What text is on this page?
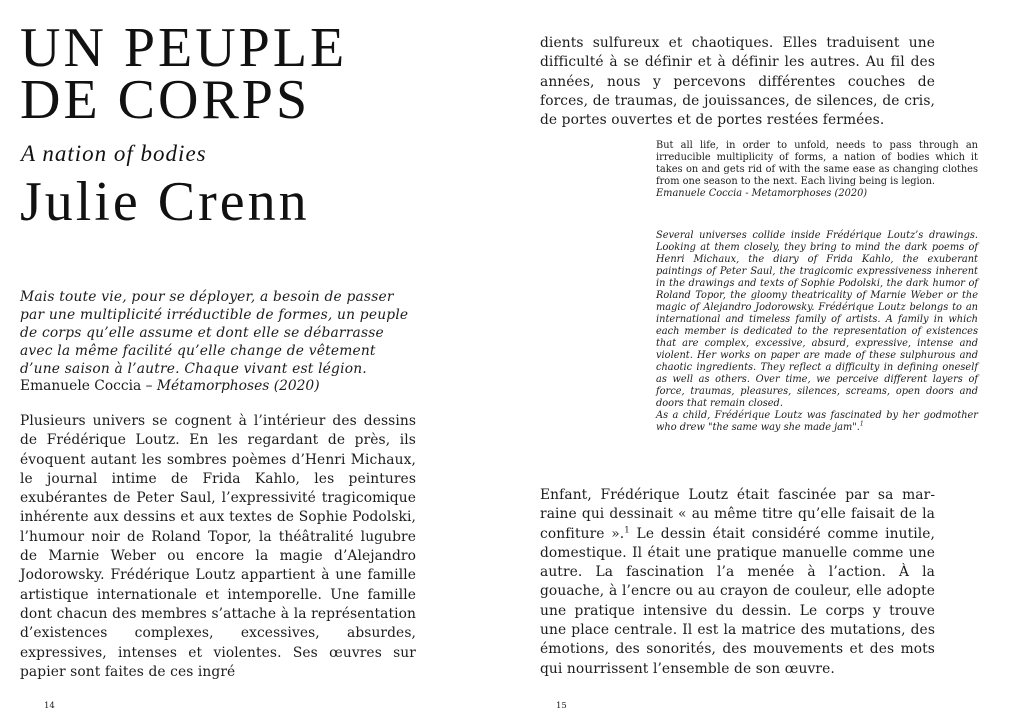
UN PEUPLE
DE CORPS

A nation of bodies

Julie Crenn

Mais toute vie, pour se déployer, a besoin de passer par une multiplicité irréductible de formes, un peuple de corps qu’elle assume et dont elle se débarrasse avec la même facilité qu’elle change de vêtement d’une saison à l’autre. Chaque vivant est légion.

Emanuele Coccia – Métamorphoses (2020)

Plusieurs univers se cognent à l’intérieur des dessins de Frédérique Loutz. En les regardant de près, ils évoquent autant les sombres poèmes d’Henri Michaux, le journal intime de Frida Kahlo, les peintures exubérantes de Peter Saul, l’expressivité tragicomique inhérente aux dessins et aux textes de Sophie Podolski, l’humour noir de Roland Topor, la théâtralité lugubre de Marnie Weber ou encore la magie d’Alejandro Jodorowsky. Frédérique Loutz appartient à une famille artistique internationale et intemporelle. Une famille dont chacun des membres s’attache à la représentation d’existences complexes, excessives, absurdes, expressives, intenses et violentes. Ses œuvres sur papier sont faites de ces ingré

14

dients sulfureux et chaotiques. Elles traduisent une difficulté à se définir et à définir les autres. Au fil des années, nous y percevons différentes couches de forces, de traumas, de jouissances, de silences, de cris, de portes ouvertes et de portes restées fermées.

But all life, in order to unfold, needs to pass through an irreducible multiplicity of forms, a nation of bodies which it takes on and gets rid of with the same ease as changing clothes from one season to the next. Each living being is legion.

Emanuele Coccia - Metamorphoses (2020)

Several universes collide inside Frédérique Loutz’s drawings. Looking at them closely, they bring to mind the dark poems of Henri Michaux, the diary of Frida Kahlo, the exuberant paintings of Peter Saul, the tragicomic expressiveness inherent in the drawings and texts of Sophie Podolski, the dark humor of Roland Topor, the gloomy theatricality of Marnie Weber or the magic of Alejandro Jodorowsky. Frédérique Loutz belongs to an international and timeless family of artists. A family in which each member is dedicated to the representation of existences that are complex, excessive, absurd, expressive, intense and violent. Her works on paper are made of these sulphurous and chaotic ingredients. They reflect a difficulty in defining oneself as well as others. Over time, we perceive different layers of force, traumas, pleasures, silences, screams, open doors and doors that remain closed.

As a child, Frédérique Loutz was fascinated by her godmother who drew "the same way she made jam".$^1$

Enfant, Frédérique Loutz était fascinée par sa marraine qui dessinait « au même titre qu’elle faisait de la confiture ».$^1$ Le dessin était considéré comme inutile, domestique. Il était une pratique manuelle comme une autre. La fascination l’a menée à l’action. À la gouache, à l’encre ou au crayon de couleur, elle adopte une pratique intensive du dessin. Le corps y trouve une place centrale. Il est la matrice des mutations, des émotions, des sonorités, des mouvements et des mots qui nourrissent l’ensemble de son œuvre.

15
